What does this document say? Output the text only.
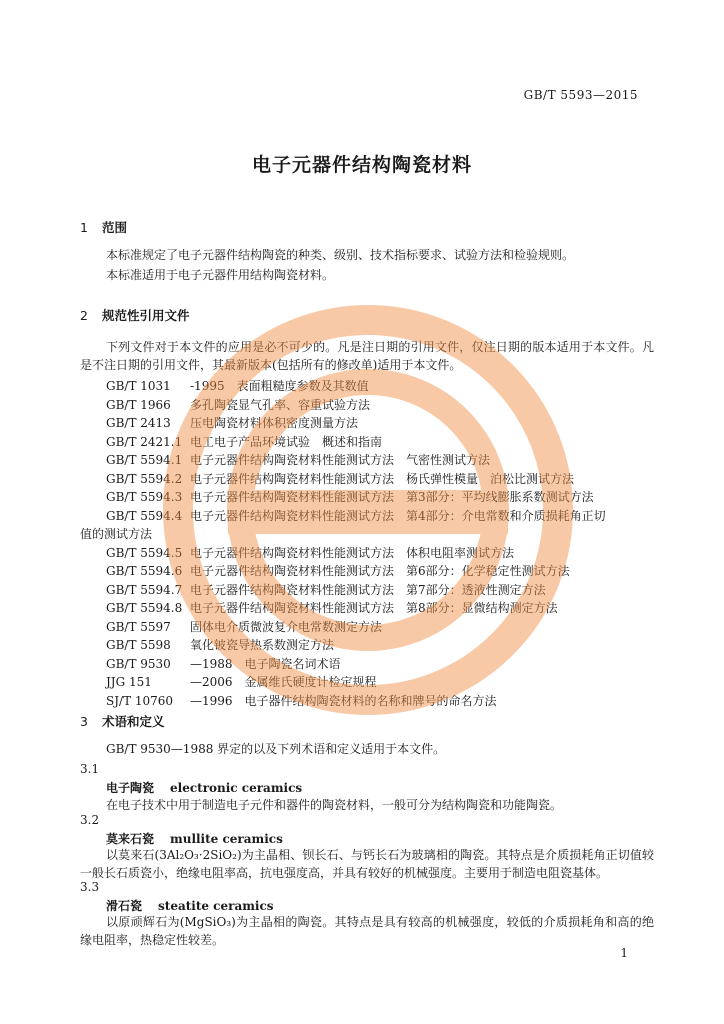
GB/T 5593—2015
电子元器件结构陶瓷材料
1 范围
本标准规定了电子元器件结构陶瓷的种类、级别、技术指标要求、试验方法和检验规则。
本标准适用于电子元器件用结构陶瓷材料。
2 规范性引用文件
下列文件对于本文件的应用是必不可少的。凡是注日期的引用文件，仅注日期的版本适用于本文件。凡是不注日期的引用文件，其最新版本(包括所有的修改单)适用于本文件。
GB/T 1031 -1995　表面粗糙度参数及其数值
GB/T 1966 多孔陶瓷显气孔率、容重试验方法
GB/T 2413 压电陶瓷材料体积密度测量方法
GB/T 2421.1 电工电子产品环境试验　概述和指南
GB/T 5594.1 电子元器件结构陶瓷材料性能测试方法　气密性测试方法
GB/T 5594.2 电子元器件结构陶瓷材料性能测试方法　杨氏弹性模量　泊松比测试方法
GB/T 5594.3 电子元器件结构陶瓷材料性能测试方法　第3部分：平均线膨胀系数测试方法
GB/T 5594.4 电子元器件结构陶瓷材料性能测试方法　第4部分：介电常数和介质损耗角正切
值的测试方法
GB/T 5594.5 电子元器件结构陶瓷材料性能测试方法　体积电阻率测试方法
GB/T 5594.6 电子元器件结构陶瓷材料性能测试方法　第6部分：化学稳定性测试方法
GB/T 5594.7 电子元器件结构陶瓷材料性能测试方法　第7部分：透液性测定方法
GB/T 5594.8 电子元器件结构陶瓷材料性能测试方法　第8部分：显微结构测定方法
GB/T 5597 固体电介质微波复介电常数测定方法
GB/T 5598 氧化铍瓷导热系数测定方法
GB/T 9530 —1988　电子陶瓷名词术语
JJG 151	—2006　金属维氏硬度计检定规程
SJ/T 10760 —1996　电子器件结构陶瓷材料的名称和牌号的命名方法
3 术语和定义
GB/T 9530—1988 界定的以及下列术语和定义适用于本文件。
3.1
电子陶瓷 electronic ceramics
在电子技术中用于制造电子元件和器件的陶瓷材料，一般可分为结构陶瓷和功能陶瓷。
3.2
莫来石瓷 mullite ceramics
以莫来石(3Al₂O₃·2SiO₂)为主晶相、钡长石、与钙长石为玻璃相的陶瓷。其特点是介质损耗角正切值较一般长石质瓷小，绝缘电阻率高，抗电强度高，并具有较好的机械强度。主要用于制造电阻瓷基体。
3.3
滑石瓷 steatite ceramics
以原顽辉石为(MgSiO₃)为主晶相的陶瓷。其特点是具有较高的机械强度，较低的介质损耗角和高的绝缘电阻率，热稳定性较差。
1
